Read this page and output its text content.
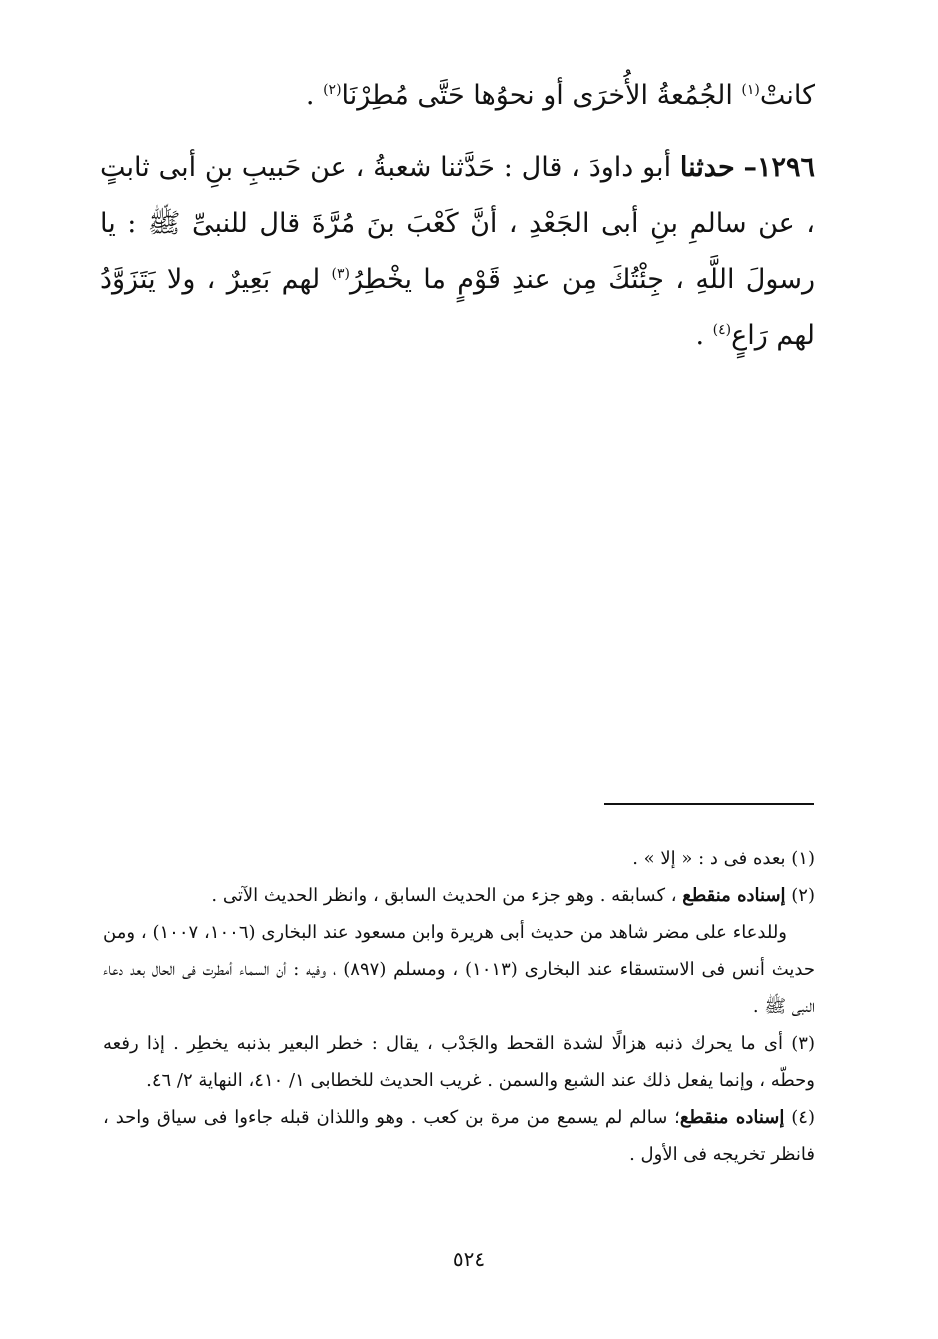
كانتْ$^{(١)}$ الجُمُعةُ الأُخرَى أو نحوُها حَتَّى مُطِرْنَا$^{(٢)}$ .
١٢٩٦– حدثنا أبو داودَ ، قال : حَدَّثنا شعبةُ ، عن حَبيبِ بنِ أبى ثابتٍ ، عن سالمِ بنِ أبى الجَعْدِ ، أنَّ كَعْبَ بنَ مُرَّةَ قال للنبىِّ ﷺ : يا رسولَ اللَّهِ ، جِئْتُكَ مِن عندِ قَوْمٍ ما يخْطِرُ$^{(٣)}$ لهم بَعِيرٌ ، ولا يَتَزَوَّدُ لهم رَاعٍ$^{(٤)}$ .

(١) بعده فى د : « إلا » .

(٢) إسناده منقطع ، كسابقه . وهو جزء من الحديث السابق ، وانظر الحديث الآتى .

وللدعاء على مضر شاهد من حديث أبى هريرة وابن مسعود عند البخارى (١٠٠٦، ١٠٠٧) ، ومن حديث أنس فى الاستسقاء عند البخارى (١٠١٣) ، ومسلم (٨٩٧) ، وفيه : أن السماء أمطرت فى الحال بعد دعاء النبى ﷺ .

(٣) أى ما يحرك ذنبه هزالًا لشدة القحط والجَدْب ، يقال : خطر البعير بذنبه يخطِر . إذا رفعه وحطّه ، وإنما يفعل ذلك عند الشبع والسمن . غريب الحديث للخطابى ١/ ٤١٠، النهاية ٢/ ٤٦.

(٤) إسناده منقطع؛ سالم لم يسمع من مرة بن كعب . وهو واللذان قبله جاءوا فى سياق واحد ، فانظر تخريجه فى الأول .

٥٢٤
